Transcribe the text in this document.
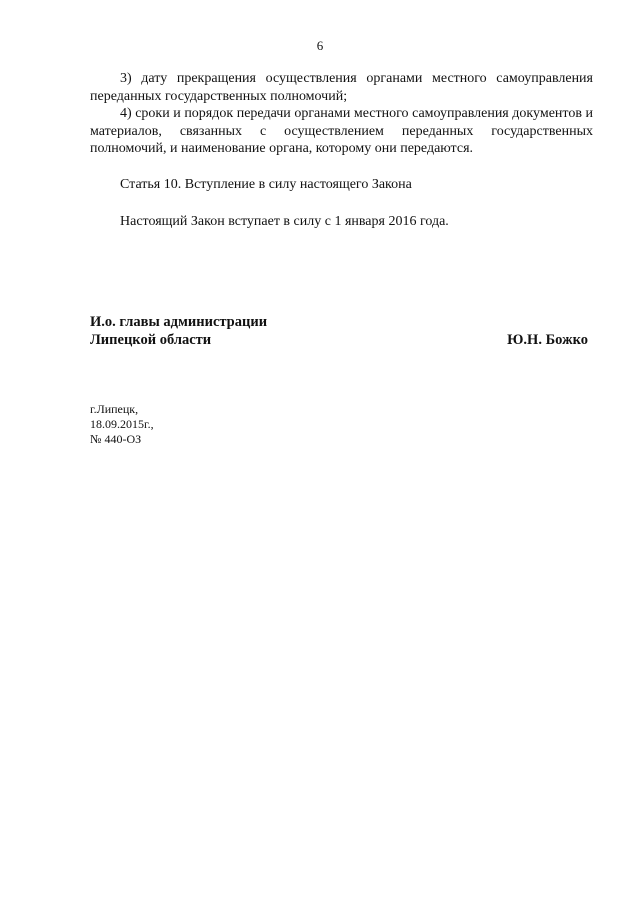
6

3) дату прекращения осуществления органами местного самоуправления переданных государственных полномочий;

4) сроки и порядок передачи органами местного самоуправления документов и материалов, связанных с осуществлением переданных государственных полномочий, и наименование органа, которому они передаются.

Статья 10. Вступление в силу настоящего Закона

Настоящий Закон вступает в силу с 1 января 2016 года.

И.о. главы администрации
Липецкой области	Ю.Н. Божко
г.Липецк,
18.09.2015г.,
№ 440-ОЗ
